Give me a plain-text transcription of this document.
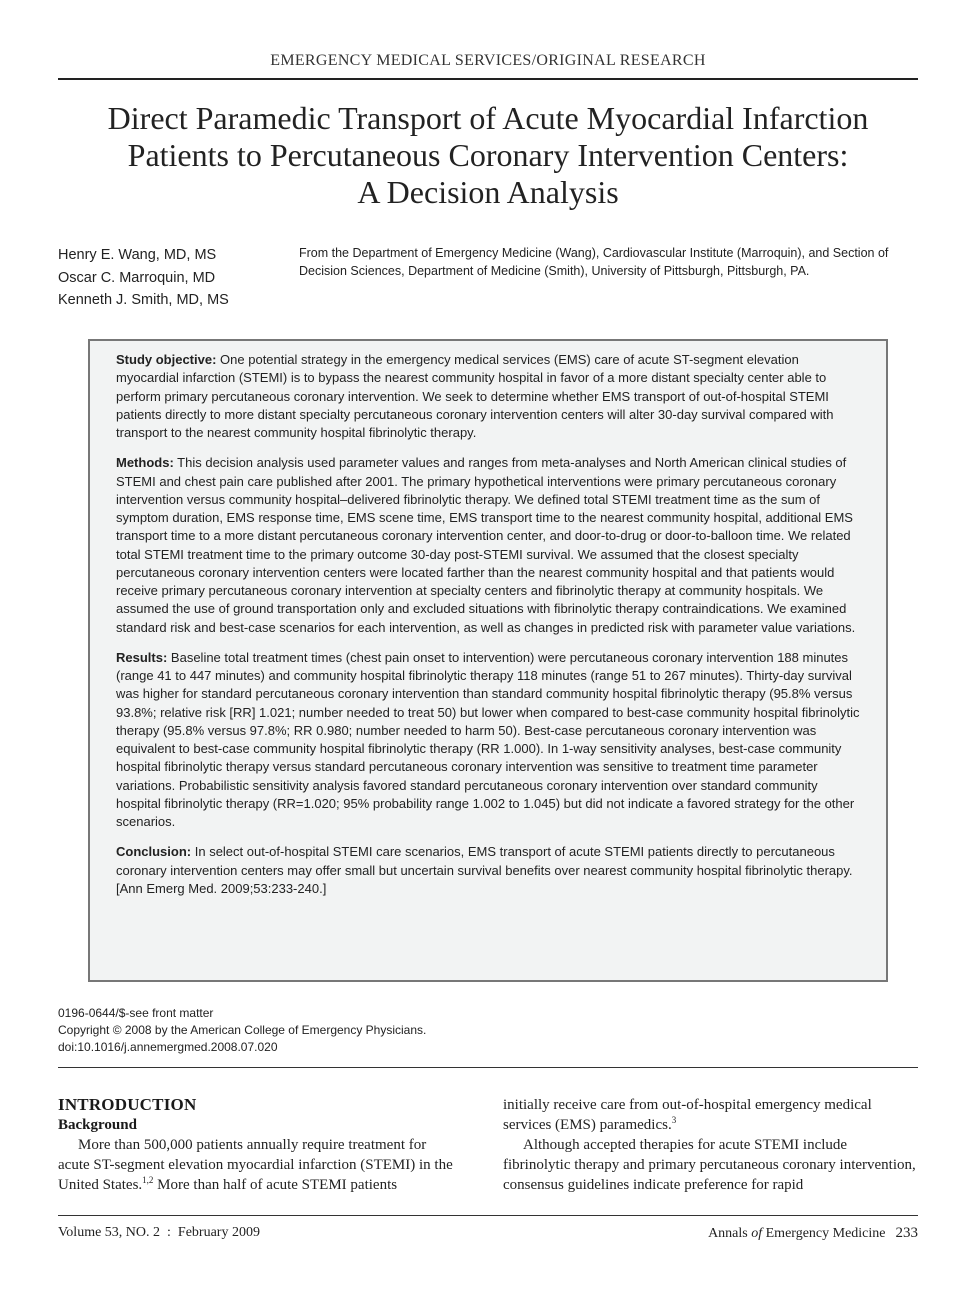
EMERGENCY MEDICAL SERVICES/ORIGINAL RESEARCH
Direct Paramedic Transport of Acute Myocardial Infarction
Patients to Percutaneous Coronary Intervention Centers:
A Decision Analysis
Henry E. Wang, MD, MS
Oscar C. Marroquin, MD
Kenneth J. Smith, MD, MS
From the Department of Emergency Medicine (Wang), Cardiovascular Institute (Marroquin), and Section of Decision Sciences, Department of Medicine (Smith), University of Pittsburgh, Pittsburgh, PA.

Study objective: One potential strategy in the emergency medical services (EMS) care of acute ST-segment elevation myocardial infarction (STEMI) is to bypass the nearest community hospital in favor of a more distant specialty center able to perform primary percutaneous coronary intervention. We seek to determine whether EMS transport of out-of-hospital STEMI patients directly to more distant specialty percutaneous coronary intervention centers will alter 30-day survival compared with transport to the nearest community hospital fibrinolytic therapy.

Methods: This decision analysis used parameter values and ranges from meta-analyses and North American clinical studies of STEMI and chest pain care published after 2001. The primary hypothetical interventions were primary percutaneous coronary intervention versus community hospital–delivered fibrinolytic therapy. We defined total STEMI treatment time as the sum of symptom duration, EMS response time, EMS scene time, EMS transport time to the nearest community hospital, additional EMS transport time to a more distant percutaneous coronary intervention center, and door-to-drug or door-to-balloon time. We related total STEMI treatment time to the primary outcome 30-day post-STEMI survival. We assumed that the closest specialty percutaneous coronary intervention centers were located farther than the nearest community hospital and that patients would receive primary percutaneous coronary intervention at specialty centers and fibrinolytic therapy at community hospitals. We assumed the use of ground transportation only and excluded situations with fibrinolytic therapy contraindications. We examined standard risk and best-case scenarios for each intervention, as well as changes in predicted risk with parameter value variations.

Results: Baseline total treatment times (chest pain onset to intervention) were percutaneous coronary intervention 188 minutes (range 41 to 447 minutes) and community hospital fibrinolytic therapy 118 minutes (range 51 to 267 minutes). Thirty-day survival was higher for standard percutaneous coronary intervention than standard community hospital fibrinolytic therapy (95.8% versus 93.8%; relative risk [RR] 1.021; number needed to treat 50) but lower when compared to best-case community hospital fibrinolytic therapy (95.8% versus 97.8%; RR 0.980; number needed to harm 50). Best-case percutaneous coronary intervention was equivalent to best-case community hospital fibrinolytic therapy (RR 1.000). In 1-way sensitivity analyses, best-case community hospital fibrinolytic therapy versus standard percutaneous coronary intervention was sensitive to treatment time parameter variations. Probabilistic sensitivity analysis favored standard percutaneous coronary intervention over standard community hospital fibrinolytic therapy (RR=1.020; 95% probability range 1.002 to 1.045) but did not indicate a favored strategy for the other scenarios.

Conclusion: In select out-of-hospital STEMI care scenarios, EMS transport of acute STEMI patients directly to percutaneous coronary intervention centers may offer small but uncertain survival benefits over nearest community hospital fibrinolytic therapy. [Ann Emerg Med. 2009;53:233-240.]

0196-0644/$-see front matter
Copyright © 2008 by the American College of Emergency Physicians.
doi:10.1016/j.annemergmed.2008.07.020
INTRODUCTION
Background

More than 500,000 patients annually require treatment for acute ST-segment elevation myocardial infarction (STEMI) in the United States.$^{1,2}$ More than half of acute STEMI patients

initially receive care from out-of-hospital emergency medical services (EMS) paramedics.$^3$

Although accepted therapies for acute STEMI include fibrinolytic therapy and primary percutaneous coronary intervention, consensus guidelines indicate preference for rapid

Volume 53, NO. 2  :  February 2009	Annals of Emergency Medicine 233
